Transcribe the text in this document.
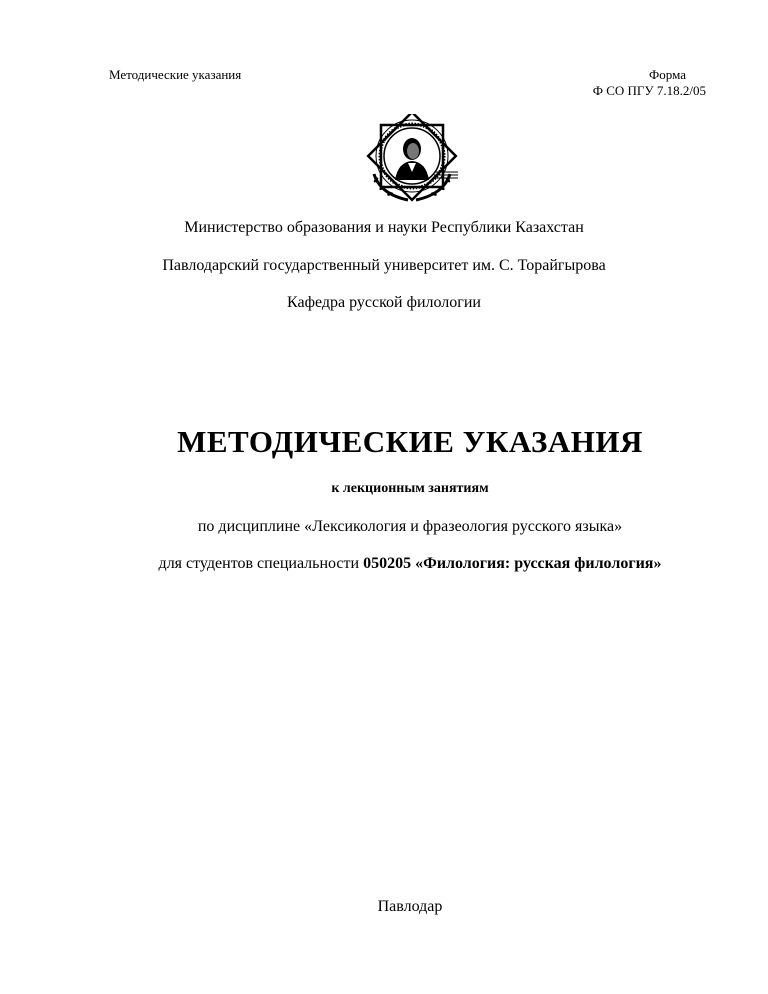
Методические указания	Форма
Ф СО ПГУ 7.18.2/05
Министерство образования и науки Республики Казахстан
Павлодарский государственный университет им. С. Торайгырова
Кафедра русской филологии
МЕТОДИЧЕСКИЕ УКАЗАНИЯ
к лекционным занятиям
по дисциплине «Лексикология и фразеология русского языка»
для студентов специальности 050205 «Филология: русская филология»
Павлодар
